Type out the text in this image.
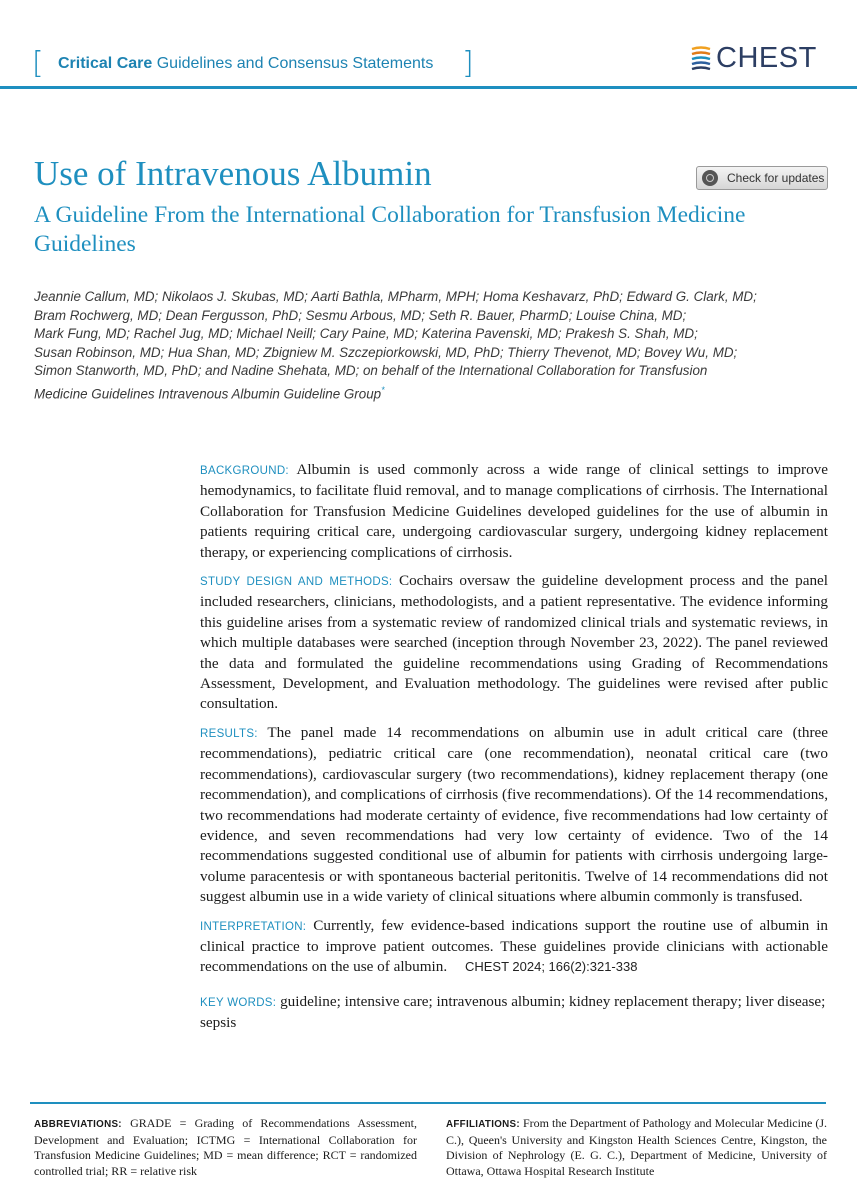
[ Critical Care Guidelines and Consensus Statements ]	CHEST
Use of Intravenous Albumin	Check for updates
A Guideline From the International Collaboration for Transfusion Medicine Guidelines
Jeannie Callum, MD; Nikolaos J. Skubas, MD; Aarti Bathla, MPharm, MPH; Homa Keshavarz, PhD; Edward G. Clark, MD;
Bram Rochwerg, MD; Dean Fergusson, PhD; Sesmu Arbous, MD; Seth R. Bauer, PharmD; Louise China, MD;
Mark Fung, MD; Rachel Jug, MD; Michael Neill; Cary Paine, MD; Katerina Pavenski, MD; Prakesh S. Shah, MD;
Susan Robinson, MD; Hua Shan, MD; Zbigniew M. Szczepiorkowski, MD, PhD; Thierry Thevenot, MD; Bovey Wu, MD;
Simon Stanworth, MD, PhD; and Nadine Shehata, MD; on behalf of the International Collaboration for Transfusion
Medicine Guidelines Intravenous Albumin Guideline Group*

BACKGROUND: Albumin is used commonly across a wide range of clinical settings to improve hemodynamics, to facilitate fluid removal, and to manage complications of cirrhosis. The International Collaboration for Transfusion Medicine Guidelines developed guidelines for the use of albumin in patients requiring critical care, undergoing cardiovascular surgery, undergoing kidney replacement therapy, or experiencing complications of cirrhosis.

STUDY DESIGN AND METHODS: Cochairs oversaw the guideline development process and the panel included researchers, clinicians, methodologists, and a patient representative. The evidence informing this guideline arises from a systematic review of randomized clinical trials and systematic reviews, in which multiple databases were searched (inception through November 23, 2022). The panel reviewed the data and formulated the guideline recommendations using Grading of Recommendations Assessment, Development, and Evaluation methodology. The guidelines were revised after public consultation.

RESULTS: The panel made 14 recommendations on albumin use in adult critical care (three recommendations), pediatric critical care (one recommendation), neonatal critical care (two recommendations), cardiovascular surgery (two recommendations), kidney replacement therapy (one recommendation), and complications of cirrhosis (five recommendations). Of the 14 recommendations, two recommendations had moderate certainty of evidence, five recommendations had low certainty of evidence, and seven recommendations had very low certainty of evidence. Two of the 14 recommendations suggested conditional use of albumin for patients with cirrhosis undergoing large-volume paracentesis or with spontaneous bacterial peritonitis. Twelve of 14 recommendations did not suggest albumin use in a wide variety of clinical situations where albumin commonly is transfused.

INTERPRETATION: Currently, few evidence-based indications support the routine use of albumin in clinical practice to improve patient outcomes. These guidelines provide clinicians with actionable recommendations on the use of albumin. CHEST 2024; 166(2):321-338

KEY WORDS: guideline; intensive care; intravenous albumin; kidney replacement therapy; liver disease; sepsis

ABBREVIATIONS: GRADE = Grading of Recommendations Assessment, Development and Evaluation; ICTMG = International Collaboration for Transfusion Medicine Guidelines; MD = mean difference; RCT = randomized controlled trial; RR = relative risk
AFFILIATIONS: From the Department of Pathology and Molecular Medicine (J. C.), Queen's University and Kingston Health Sciences Centre, Kingston, the Division of Nephrology (E. G. C.), Department of Medicine, University of Ottawa, Ottawa Hospital Research Institute
